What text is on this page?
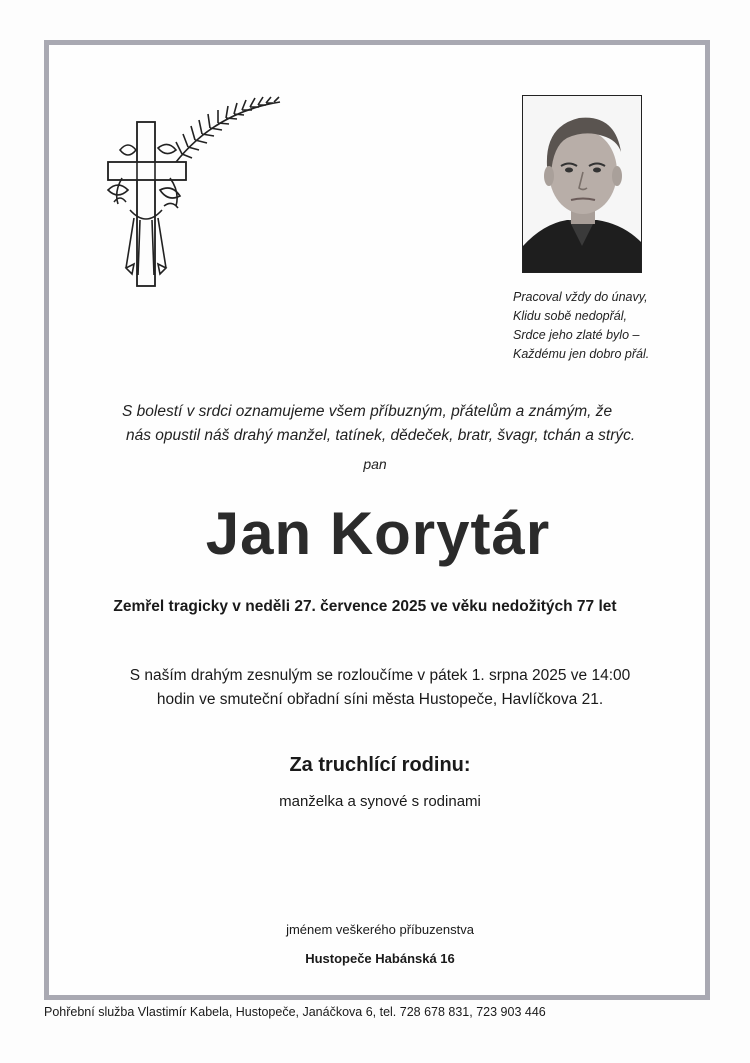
Pracoval vždy do únavy,
Klidu sobě nedopřál,
Srdce jeho zlaté bylo –
Každému jen dobro přál.
S bolestí v srdci oznamujeme všem příbuzným, přátelům a známým, že
nás opustil náš drahý manžel, tatínek, dědeček, bratr, švagr, tchán a strýc.
pan
Jan Korytár
Zemřel tragicky v neděli 27. července 2025 ve věku nedožitých 77 let
S naším drahým zesnulým se rozloučíme v pátek 1. srpna 2025 ve 14:00
hodin ve smuteční obřadní síni města Hustopeče, Havlíčkova 21.
Za truchlící rodinu:
manželka a synové s rodinami
jménem veškerého příbuzenstva
Hustopeče Habánská 16
Pohřební služba Vlastimír Kabela, Hustopeče, Janáčkova 6, tel. 728 678 831, 723 903 446
